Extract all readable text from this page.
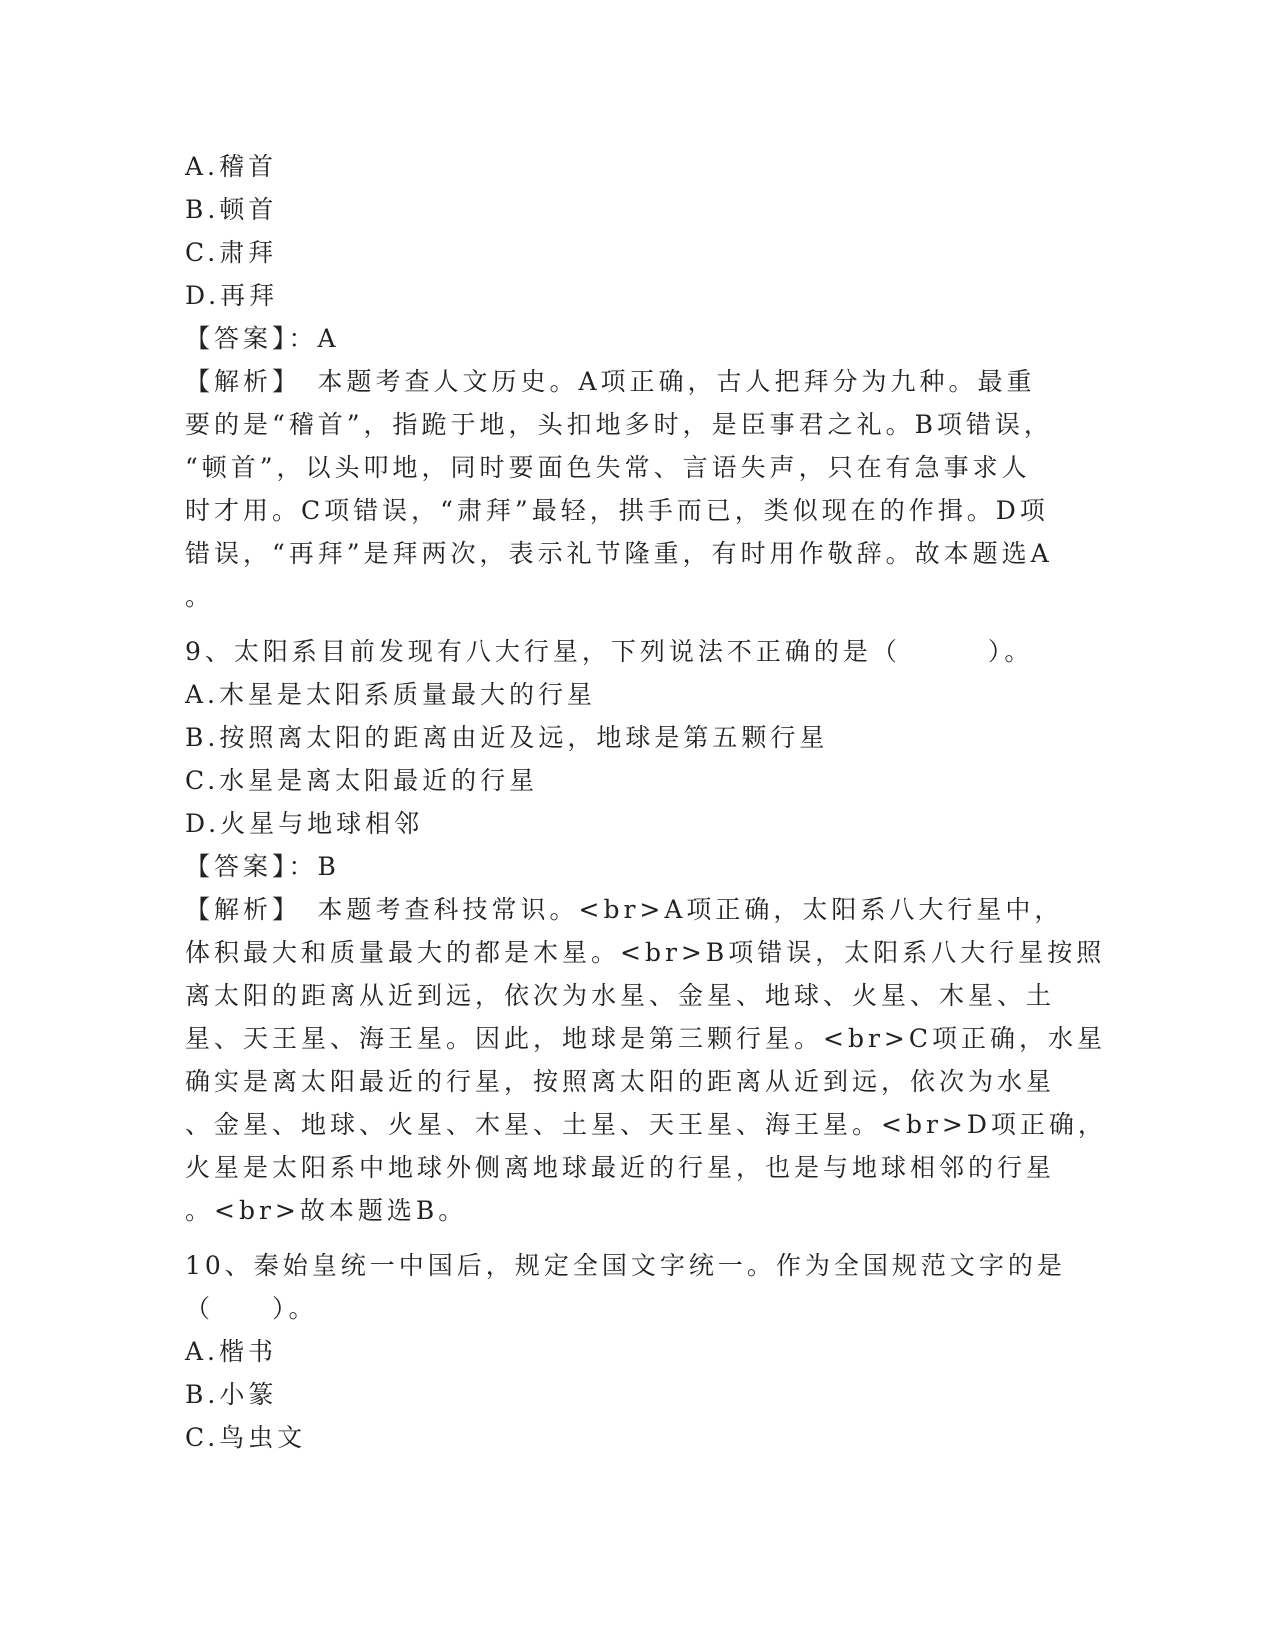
A.稽首
B.顿首
C.肃拜
D.再拜
【答案】：A
【解析】　本题考查人文历史。A项正确，古人把拜分为九种。最重
要的是“稽首”，指跪于地，头扣地多时，是臣事君之礼。B项错误，
“顿首”，以头叩地，同时要面色失常、言语失声，只在有急事求人
时才用。C项错误，“肃拜”最轻，拱手而已，类似现在的作揖。D项
错误，“再拜”是拜两次，表示礼节隆重，有时用作敬辞。故本题选A
。
9、太阳系目前发现有八大行星，下列说法不正确的是（　　　）。
A.木星是太阳系质量最大的行星
B.按照离太阳的距离由近及远，地球是第五颗行星
C.水星是离太阳最近的行星
D.火星与地球相邻
【答案】：B
【解析】　本题考查科技常识。<br>A项正确，太阳系八大行星中，
体积最大和质量最大的都是木星。<br>B项错误，太阳系八大行星按照
离太阳的距离从近到远，依次为水星、金星、地球、火星、木星、土
星、天王星、海王星。因此，地球是第三颗行星。<br>C项正确，水星
确实是离太阳最近的行星，按照离太阳的距离从近到远，依次为水星
、金星、地球、火星、木星、土星、天王星、海王星。<br>D项正确，
火星是太阳系中地球外侧离地球最近的行星，也是与地球相邻的行星
。<br>故本题选B。
10、秦始皇统一中国后，规定全国文字统一。作为全国规范文字的是
（　　）。
A.楷书
B.小篆
C.鸟虫文
